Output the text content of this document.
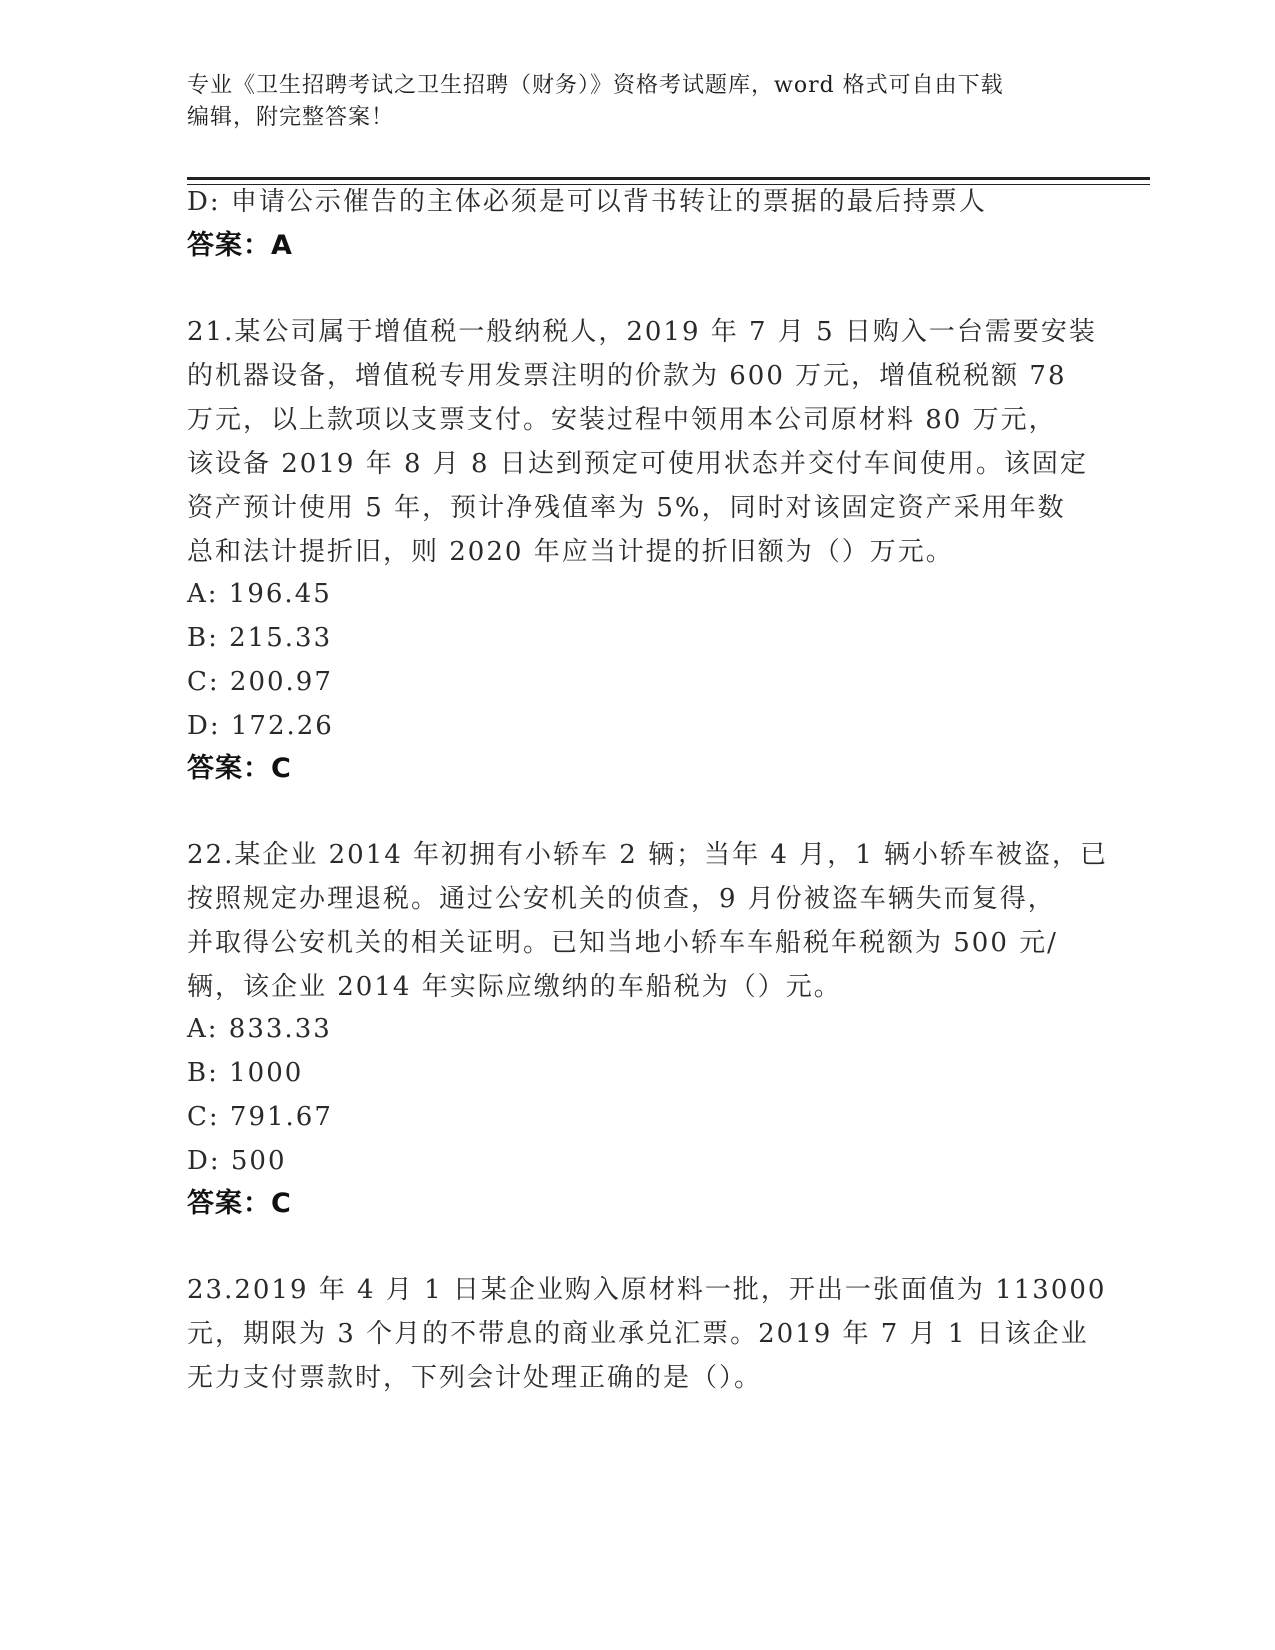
专业《卫生招聘考试之卫生招聘（财务）》资格考试题库，word 格式可自由下载
编辑，附完整答案！
D: 申请公示催告的主体必须是可以背书转让的票据的最后持票人
答案：A
21.某公司属于增值税一般纳税人，2019 年 7 月 5 日购入一台需要安装
的机器设备，增值税专用发票注明的价款为 600 万元，增值税税额 78
万元，以上款项以支票支付。安装过程中领用本公司原材料 80 万元，
该设备 2019 年 8 月 8 日达到预定可使用状态并交付车间使用。该固定
资产预计使用 5 年，预计净残值率为 5%，同时对该固定资产采用年数
总和法计提折旧，则 2020 年应当计提的折旧额为（）万元。
A: 196.45
B: 215.33
C: 200.97
D: 172.26
答案：C
22.某企业 2014 年初拥有小轿车 2 辆；当年 4 月，1 辆小轿车被盗，已
按照规定办理退税。通过公安机关的侦查，9 月份被盗车辆失而复得，
并取得公安机关的相关证明。已知当地小轿车车船税年税额为 500 元/
辆，该企业 2014 年实际应缴纳的车船税为（）元。
A: 833.33
B: 1000
C: 791.67
D: 500
答案：C
23.2019 年 4 月 1 日某企业购入原材料一批，开出一张面值为 113000
元，期限为 3 个月的不带息的商业承兑汇票。2019 年 7 月 1 日该企业
无力支付票款时，下列会计处理正确的是（）。
